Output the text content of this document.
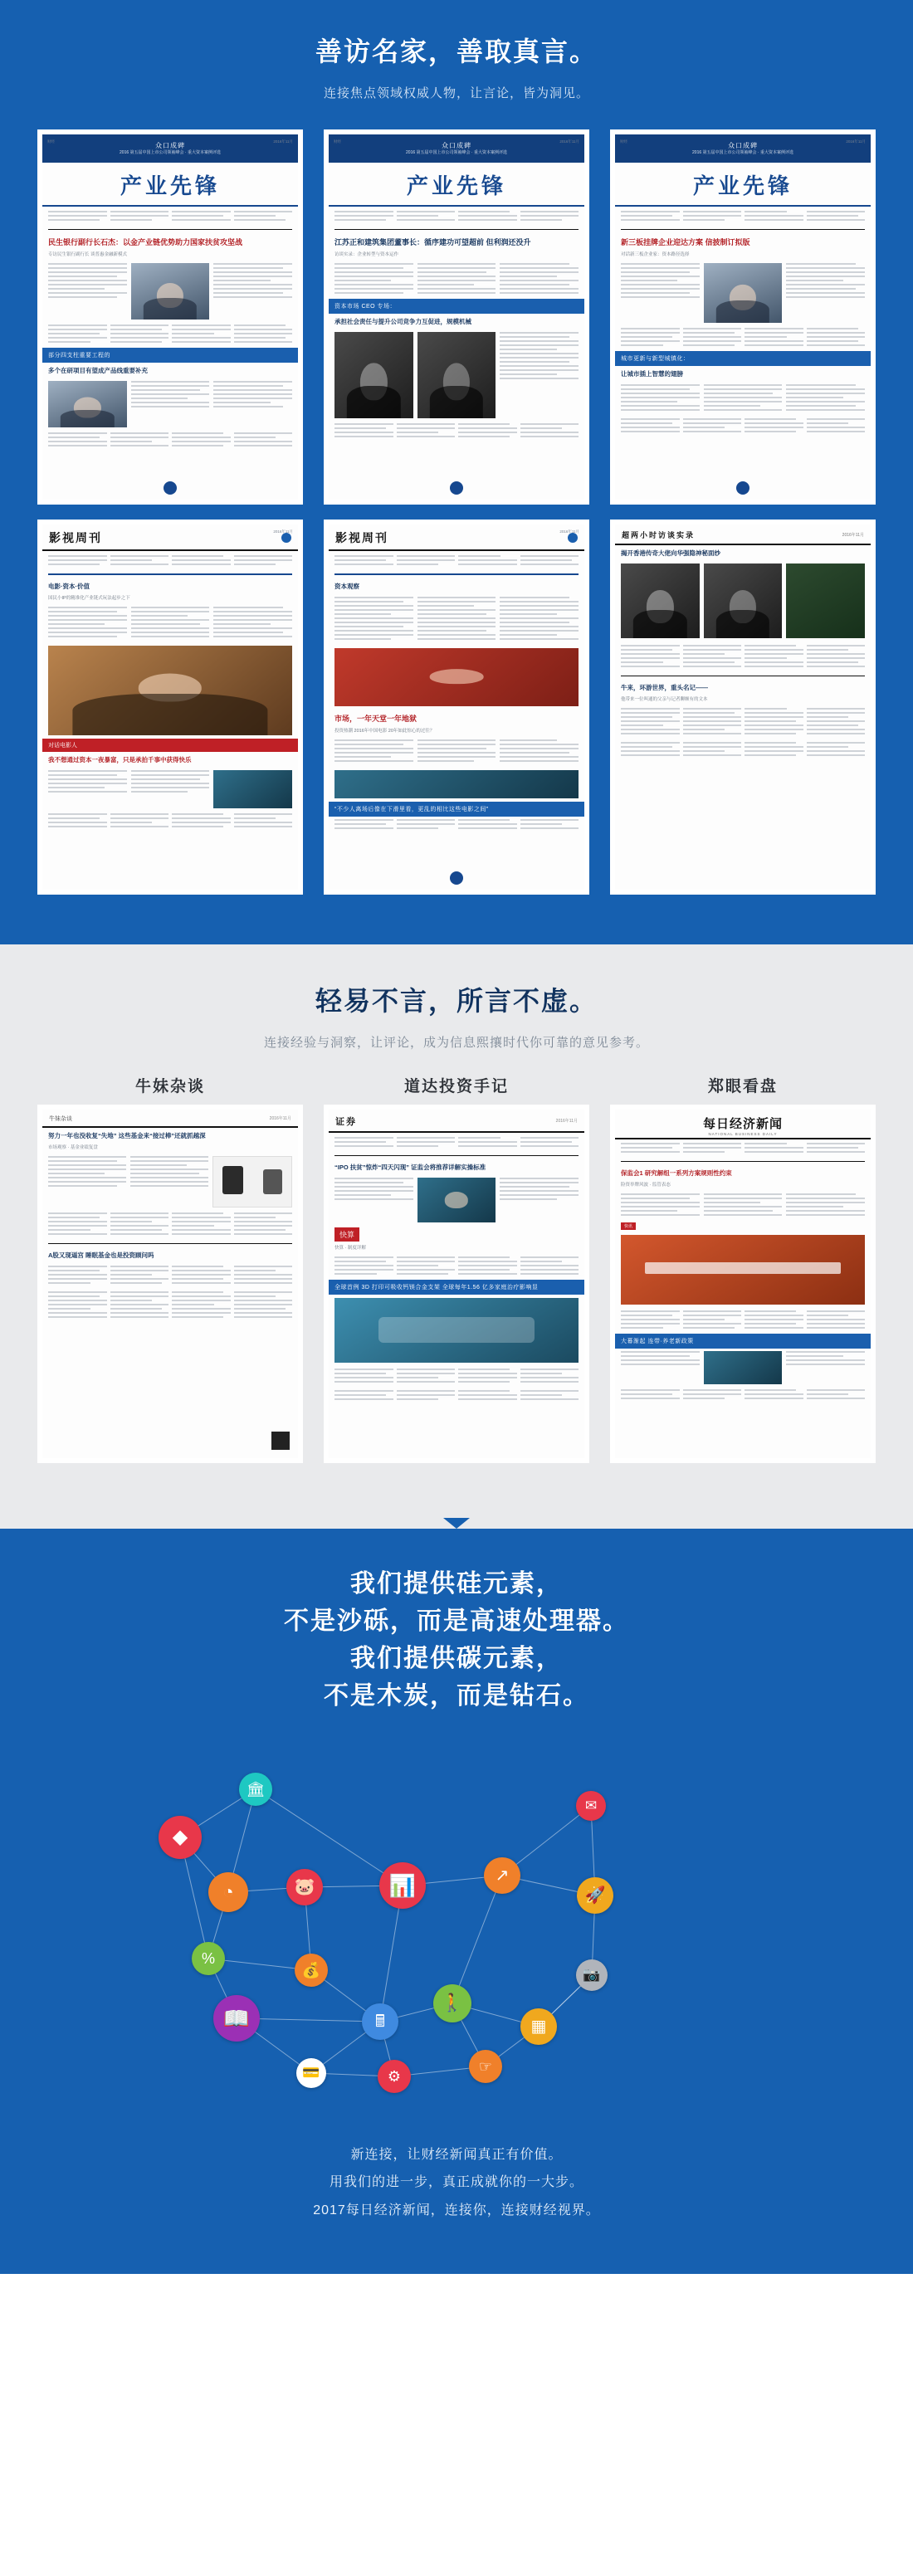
善访名家，善取真言。
连接焦点领域权威人物，让言论，皆为洞见。
众口成碑
2016 第五届中国上市公司领袖峰会 · 重大资本案例评选
产业先锋
民生银行副行长石杰：以金产业链优势助力国家扶贫攻坚战
专访民生银行副行长 谈普惠金融新模式
部分四支柱重要工程的
多个在研项目有望成产品线重要补充
财经	2016年11月
众口成碑
2016 第五届中国上市公司领袖峰会 · 重大资本案例评选
产业先锋
江苏正和建筑集团董事长：循序建功可望超前 但利润还没升
访谈实录：企业转型与资本运作
资本市场 CEO 专场：
承担社会责任与提升公司竞争力互促进，规模机械
财经	2016年11月
众口成碑
2016 第五届中国上市公司领袖峰会 · 重大资本案例评选
产业先锋
新三板挂牌企业迎达方案 信披制订拟版
对话新三板企业家：资本路径选择
城市更新与新型城镇化：
让城市插上智慧的翅膀
财经	2016年11月
影视周刊
电影·资本·价值
国民小IP的精准化产业链式玩法起步之下
对话电影人
我不想通过资本一夜暴富，只是承拍千事中获得快乐
2016年11月	影视周刊
资本观察
市场，一年天堂一年地狱
投资热潮 2016年中国电影 20年如此惊心的过往？
“不少人离场后像在下滑里看，更乱的相比这些电影之间”
2016年11月	超两小时访谈实录	2016年11月
揭开香港传奇大佬向华强隐神秘面纱
牛来，环游世界，重头名记——
他带来一位叫通的父亲与记者聊颇有的文本
轻易不言，所言不虚。
连接经验与洞察，让评论，成为信息熙攘时代你可靠的意见参考。
牛妹杂谈	道达投资手记	郑眼看盘
牛妹杂谈	2016年11月
努力一年也没收复“失地” 这些基金来“接过棒”还就抓越深
市场观察 · 基金业绩复盘
A股又现逼宫 睡眠基金也是投资顾问吗
证券	2016年11月
“IPO 扶贫”惊炸“四天闪现” 证监会将推荐详解实操标准
快算
快算 · 制度详解
全球首例 3D 打印可吸收钙镁合金支架 全球每年1.56 亿多家庭治疗影响显
每日经济新闻
NATIONAL BUSINESS DAILY
保监会1 研究解组一系列方案规则性约束
险资举牌风波 · 监管表态
快讯
大幕渐起 连带·养老新政策
我们提供硅元素，
不是沙砾，而是高速处理器。
我们提供碳元素，
不是木炭，而是钻石。
◆
🏛
✉
◔	🐷	📊	↗
🚀
%
💰	📷
📖	🖩
🚶
▦
💳	⚙
☞
新连接，让财经新闻真正有价值。
用我们的进一步，真正成就你的一大步。
2017每日经济新闻，连接你，连接财经视界。
